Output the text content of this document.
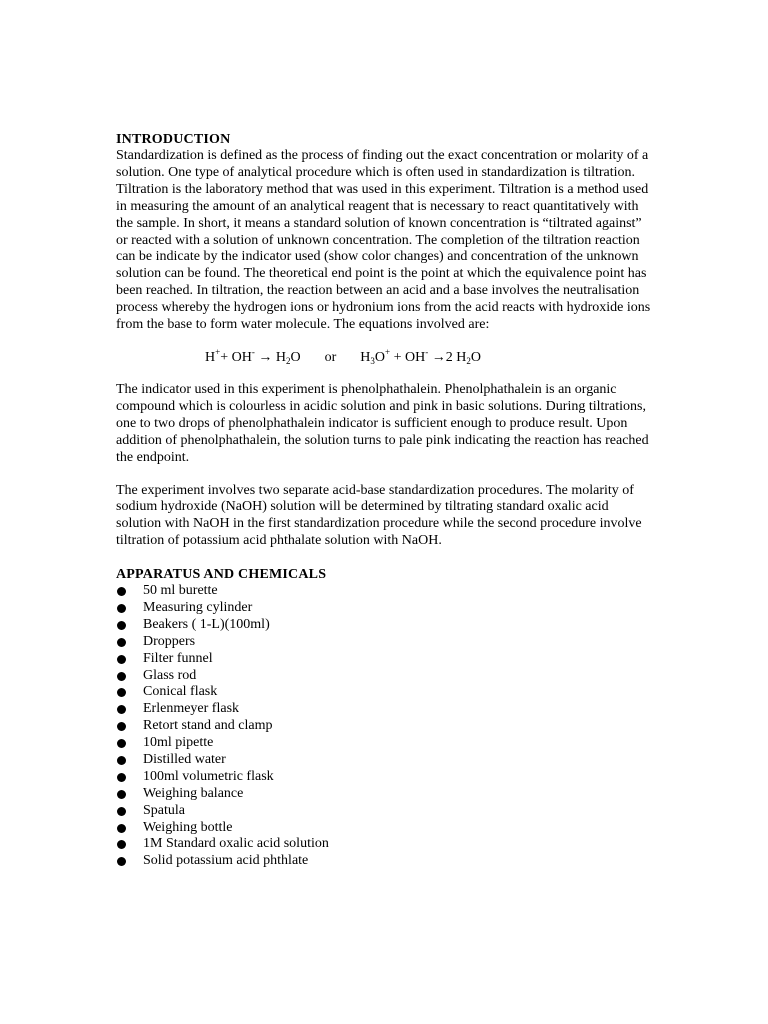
INTRODUCTION

Standardization is defined as the process of finding out the exact concentration or molarity of a solution. One type of analytical procedure which is often used in standardization is tiltration. Tiltration is the laboratory method that was used in this experiment. Tiltration is a method used in measuring the amount of an analytical reagent that is necessary to react quantitatively with the sample. In short, it means a standard solution of known concentration is “tiltrated against” or reacted with a solution of unknown concentration. The completion of the tiltration reaction can be indicate by the indicator used (show color changes) and concentration of the unknown solution can be found. The theoretical end point is the point at which the equivalence point has been reached. In tiltration, the reaction between an acid and a base involves the neutralisation process whereby the hydrogen ions or hydronium ions from the acid reacts with hydroxide ions from the base to form water molecule. The equations involved are:

$H^++ OH^- \to H_2O$ or $H_3O^+ + OH^- \to 2$ $H_2O$

The indicator used in this experiment is phenolphathalein. Phenolphathalein is an organic compound which is colourless in acidic solution and pink in basic solutions. During tiltrations, one to two drops of phenolphathalein indicator is sufficient enough to produce result. Upon addition of phenolphathalein, the solution turns to pale pink indicating the reaction has reached the endpoint.

The experiment involves two separate acid-base standardization procedures. The molarity of sodium hydroxide (NaOH) solution will be determined by tiltrating standard oxalic acid solution with NaOH in the first standardization procedure while the second procedure involve tiltration of potassium acid phthalate solution with NaOH.

APPARATUS AND CHEMICALS
50 ml burette
Measuring cylinder
Beakers ( 1-L)(100ml)
Droppers
Filter funnel
Glass rod
Conical flask
Erlenmeyer flask
Retort stand and clamp
10ml pipette
Distilled water
100ml volumetric flask
Weighing balance
Spatula
Weighing bottle
1M Standard oxalic acid solution
Solid potassium acid phthlate
